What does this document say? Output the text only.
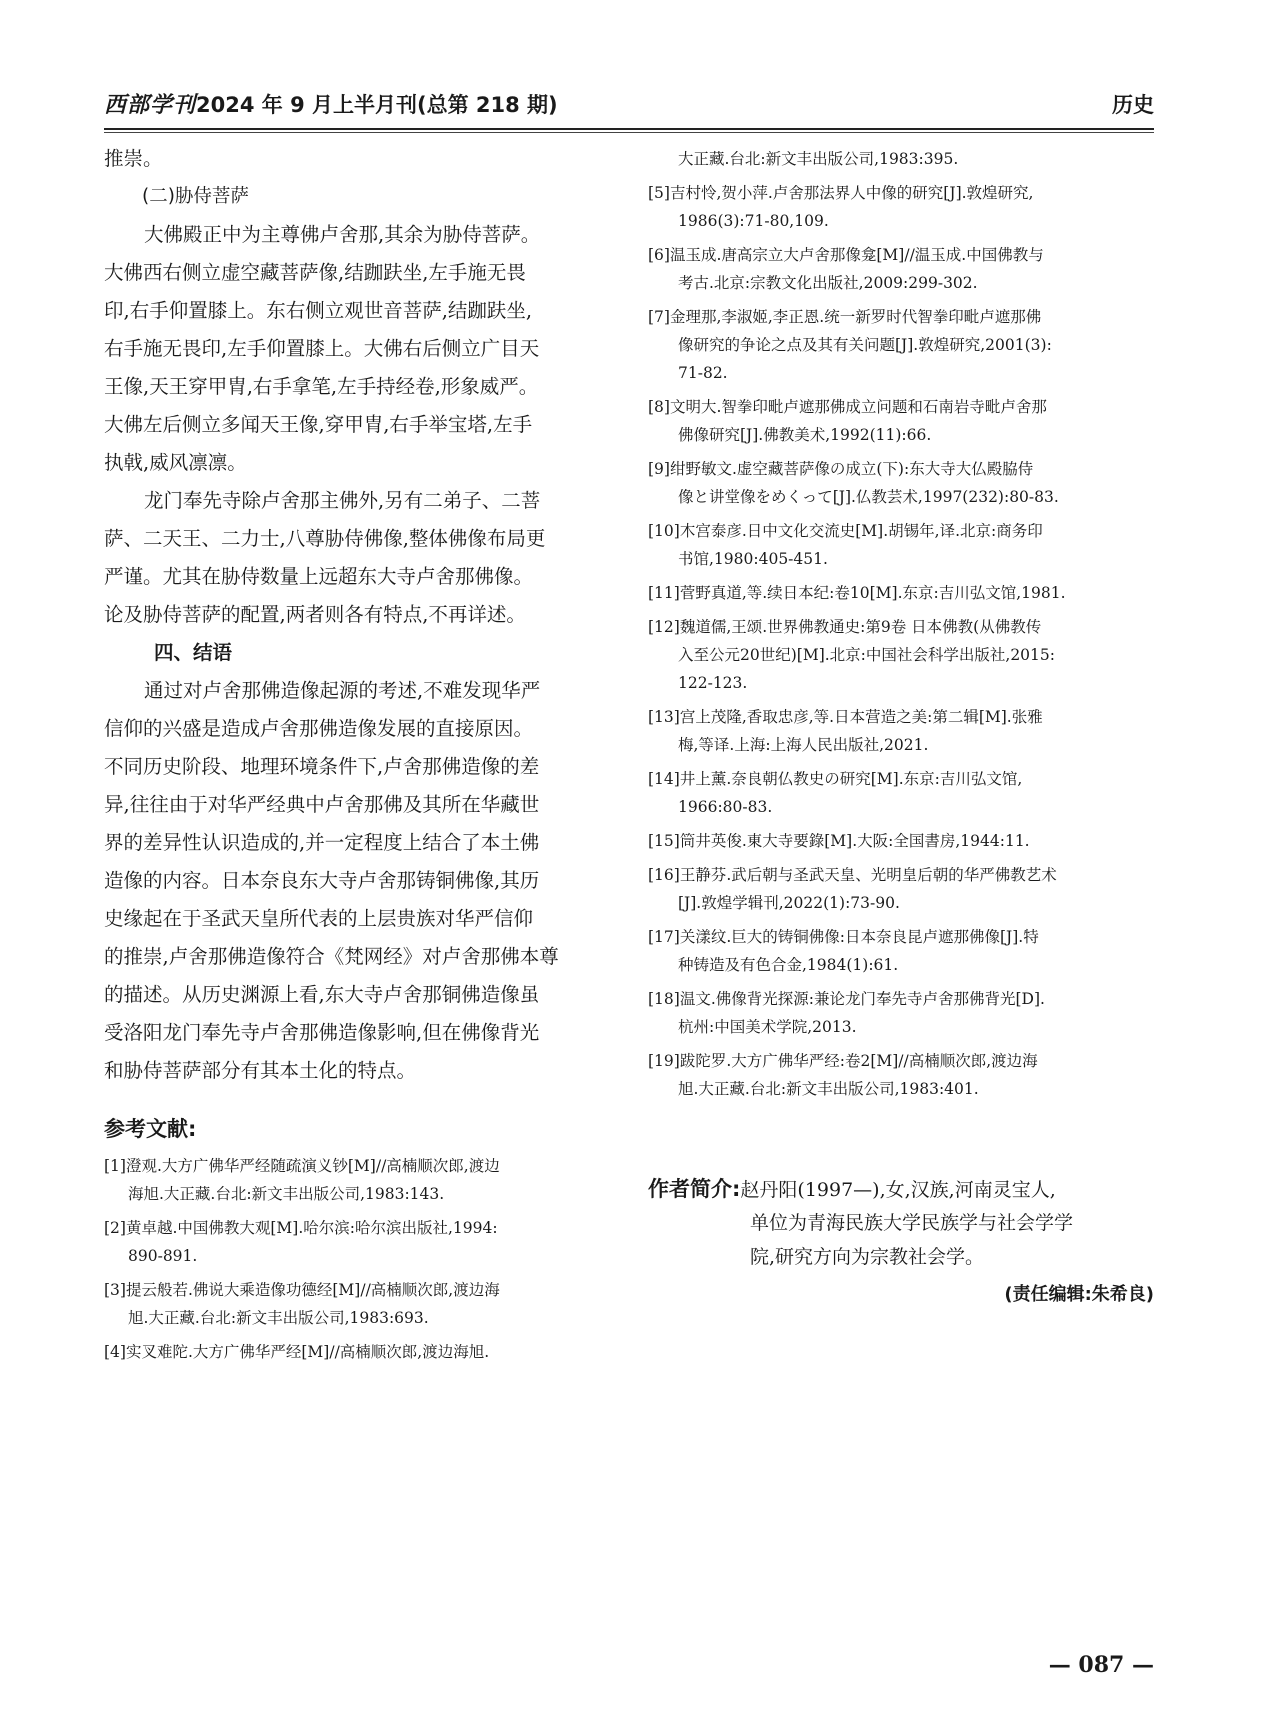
西部学刊2024 年 9 月上半月刊(总第 218 期)	历史
推崇。
(二)胁侍菩萨
大佛殿正中为主尊佛卢舍那,其余为胁侍菩萨。
大佛西右侧立虚空藏菩萨像,结跏趺坐,左手施无畏
印,右手仰置膝上。东右侧立观世音菩萨,结跏趺坐,
右手施无畏印,左手仰置膝上。大佛右后侧立广目天
王像,天王穿甲胄,右手拿笔,左手持经卷,形象威严。
大佛左后侧立多闻天王像,穿甲胄,右手举宝塔,左手
执戟,威风凛凛。
龙门奉先寺除卢舍那主佛外,另有二弟子、二菩
萨、二天王、二力士,八尊胁侍佛像,整体佛像布局更
严谨。尤其在胁侍数量上远超东大寺卢舍那佛像。
论及胁侍菩萨的配置,两者则各有特点,不再详述。
四、结语
通过对卢舍那佛造像起源的考述,不难发现华严
信仰的兴盛是造成卢舍那佛造像发展的直接原因。
不同历史阶段、地理环境条件下,卢舍那佛造像的差
异,往往由于对华严经典中卢舍那佛及其所在华藏世
界的差异性认识造成的,并一定程度上结合了本土佛
造像的内容。日本奈良东大寺卢舍那铸铜佛像,其历
史缘起在于圣武天皇所代表的上层贵族对华严信仰
的推崇,卢舍那佛造像符合《梵网经》对卢舍那佛本尊
的描述。从历史渊源上看,东大寺卢舍那铜佛造像虽
受洛阳龙门奉先寺卢舍那佛造像影响,但在佛像背光
和胁侍菩萨部分有其本土化的特点。
参考文献:
[1]澄观.大方广佛华严经随疏演义钞[M]//高楠顺次郎,渡边
海旭.大正藏.台北:新文丰出版公司,1983:143.
[2]黄卓越.中国佛教大观[M].哈尔滨:哈尔滨出版社,1994:
890-891.
[3]提云般若.佛说大乘造像功德经[M]//高楠顺次郎,渡边海
旭.大正藏.台北:新文丰出版公司,1983:693.
[4]实叉难陀.大方广佛华严经[M]//高楠顺次郎,渡边海旭.
大正藏.台北:新文丰出版公司,1983:395.
[5]吉村怜,贺小萍.卢舍那法界人中像的研究[J].敦煌研究,
1986(3):71-80,109.
[6]温玉成.唐高宗立大卢舍那像龛[M]//温玉成.中国佛教与
考古.北京:宗教文化出版社,2009:299-302.
[7]金理那,李淑姬,李正恩.统一新罗时代智拳印毗卢遮那佛
像研究的争论之点及其有关问题[J].敦煌研究,2001(3):
71-82.
[8]文明大.智拳印毗卢遮那佛成立问题和石南岩寺毗卢舍那
佛像研究[J].佛教美术,1992(11):66.
[9]绀野敏文.虚空藏菩萨像の成立(下):东大寺大仏殿脇侍
像と讲堂像をめくって[J].仏教芸术,1997(232):80-83.
[10]木宫泰彦.日中文化交流史[M].胡锡年,译.北京:商务印
书馆,1980:405-451.
[11]菅野真道,等.续日本纪:卷10[M].东京:吉川弘文馆,1981.
[12]魏道儒,王颂.世界佛教通史:第9卷 日本佛教(从佛教传
入至公元20世纪)[M].北京:中国社会科学出版社,2015:
122-123.
[13]宫上茂隆,香取忠彦,等.日本营造之美:第二辑[M].张雅
梅,等译.上海:上海人民出版社,2021.
[14]井上薰.奈良朝仏教史の研究[M].东京:吉川弘文馆,
1966:80-83.
[15]筒井英俊.東大寺要錄[M].大阪:全国書房,1944:11.
[16]王静芬.武后朝与圣武天皇、光明皇后朝的华严佛教艺术
[J].敦煌学辑刊,2022(1):73-90.
[17]关漾纹.巨大的铸铜佛像:日本奈良昆卢遮那佛像[J].特
种铸造及有色合金,1984(1):61.
[18]温文.佛像背光探源:兼论龙门奉先寺卢舍那佛背光[D].
杭州:中国美术学院,2013.
[19]跋陀罗.大方广佛华严经:卷2[M]//高楠顺次郎,渡边海
旭.大正藏.台北:新文丰出版公司,1983:401.
作者简介:赵丹阳(1997—),女,汉族,河南灵宝人,
单位为青海民族大学民族学与社会学学
院,研究方向为宗教社会学。
(责任编辑:朱希良)
— 087 —
